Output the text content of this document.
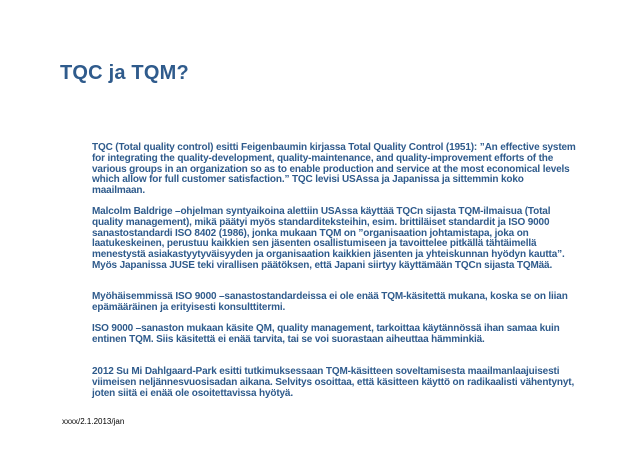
TQC ja TQM?

TQC (Total quality control) esitti Feigenbaumin kirjassa Total Quality Control (1951): ”An effective system for integrating the quality-development, quality-maintenance, and quality-improvement efforts of the various groups in an organization so as to enable production and service at the most economical levels which allow for full customer satisfaction.” TQC levisi USAssa ja Japanissa ja sittemmin koko maailmaan.

Malcolm Baldrige –ohjelman syntyaikoina alettiin USAssa käyttää TQCn sijasta TQM-ilmaisua (Total quality management), mikä päätyi myös standarditeksteihin, esim. brittiläiset standardit ja ISO 9000 sanastostandardi ISO 8402 (1986), jonka mukaan TQM on ”organisaation johtamistapa, joka on laatukeskeinen, perustuu kaikkien sen jäsenten osallistumiseen ja tavoittelee pitkällä tähtäimellä menestystä asiakastyytyväisyyden ja organisaation kaikkien jäsenten ja yhteiskunnan hyödyn kautta”. Myös Japanissa JUSE teki virallisen päätöksen, että Japani siirtyy käyttämään TQCn sijasta TQMää.

Myöhäisemmissä ISO 9000 –sanastostandardeissa ei ole enää TQM-käsitettä mukana, koska se on liian epämääräinen ja erityisesti konsulttitermi.

ISO 9000 –sanaston mukaan käsite QM, quality management, tarkoittaa käytännössä ihan samaa kuin entinen TQM. Siis käsitettä ei enää tarvita, tai se voi suorastaan aiheuttaa hämminkiä.

2012 Su Mi Dahlgaard-Park esitti tutkimuksessaan TQM-käsitteen soveltamisesta maailmanlaajuisesti viimeisen neljännesvuosisadan aikana. Selvitys osoittaa, että käsitteen käyttö on radikaalisti vähentynyt, joten siitä ei enää ole osoitettavissa hyötyä.

xxxx/2.1.2013/jan
